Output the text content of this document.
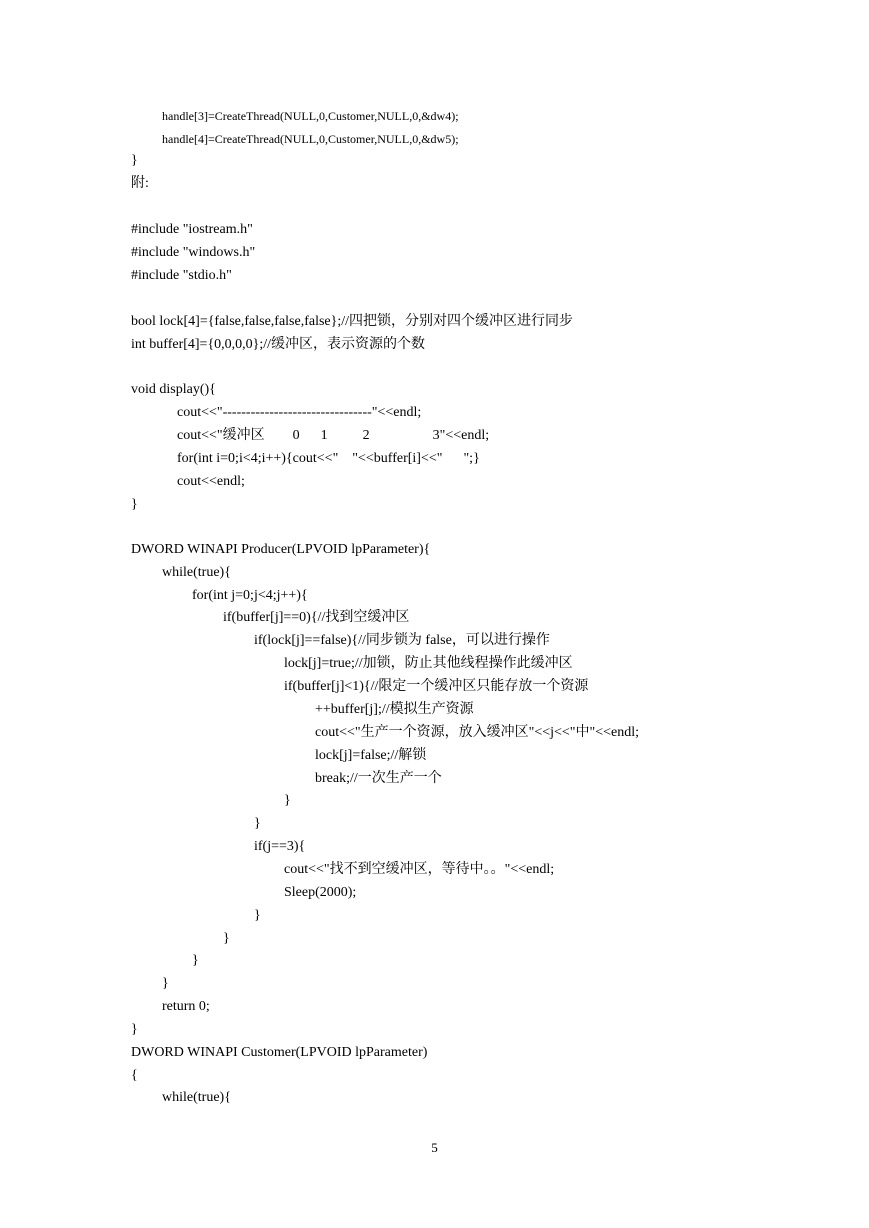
handle[3]=CreateThread(NULL,0,Customer,NULL,0,&dw4);
handle[4]=CreateThread(NULL,0,Customer,NULL,0,&dw5);
}
附:
#include "iostream.h"
#include "windows.h"
#include "stdio.h"
bool lock[4]={false,false,false,false};//四把锁，分别对四个缓冲区进行同步
int buffer[4]={0,0,0,0};//缓冲区，表示资源的个数
void display(){
cout<<"--------------------------------"<<endl;
cout<<"缓冲区        0      1          2                  3"<<endl;
for(int i=0;i<4;i++){cout<<"    "<<buffer[i]<<"      ";}
cout<<endl;
}
DWORD WINAPI Producer(LPVOID lpParameter){
while(true){
for(int j=0;j<4;j++){
if(buffer[j]==0){//找到空缓冲区
if(lock[j]==false){//同步锁为 false，可以进行操作
lock[j]=true;//加锁，防止其他线程操作此缓冲区
if(buffer[j]<1){//限定一个缓冲区只能存放一个资源
++buffer[j];//模拟生产资源
cout<<"生产一个资源，放入缓冲区"<<j<<"中"<<endl;
lock[j]=false;//解锁
break;//一次生产一个
}
}
if(j==3){
cout<<"找不到空缓冲区，等待中。。"<<endl;
Sleep(2000);
}
}
}
}
return 0;
}
DWORD WINAPI Customer(LPVOID lpParameter)
{
while(true){
5
